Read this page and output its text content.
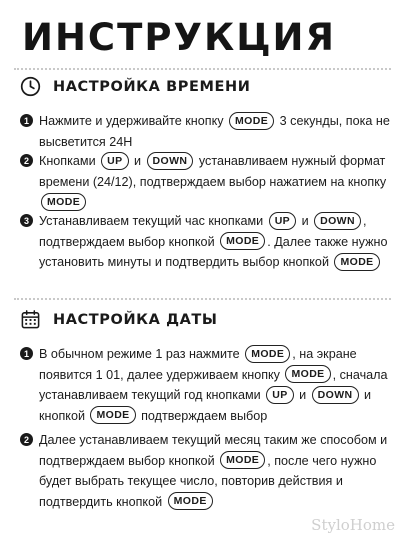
ИНСТРУКЦИЯ
НАСТРОЙКА ВРЕМЕНИ
1 Нажмите и удерживайте кнопку MODE 3 секунды, пока не высветится 24H
2 Кнопками UP и DOWN устанавливаем нужный формат времени (24/12), подтверждаем выбор нажатием на кнопку MODE
3 Устанавливаем текущий час кнопками UP и DOWN , подтверждаем выбор кнопкой MODE . Далее также нужно установить минуты и подтвердить выбор кнопкой MODE
НАСТРОЙКА ДАТЫ
1 В обычном режиме 1 раз нажмите MODE , на экране появится 1 01, далее удерживаем кнопку MODE , сначала устанавливаем текущий год кнопками UP и DOWN и кнопкой MODE подтверждаем выбор
2 Далее устанавливаем текущий месяц таким же способом и подтверждаем выбор кнопкой MODE , после чего нужно будет выбрать текущее число, повторив действия и подтвердить кнопкой MODE
StyloHome
